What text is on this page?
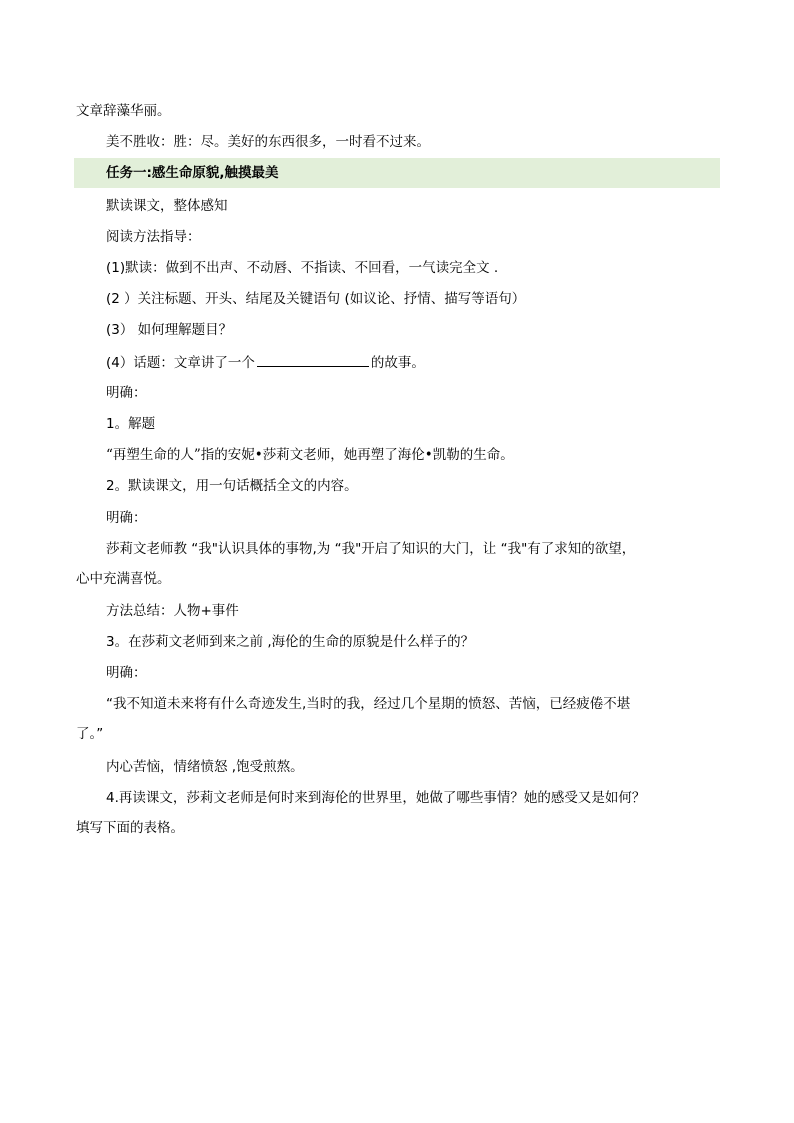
文章辞藻华丽。
美不胜收：胜：尽。美好的东西很多，一时看不过来。
任务一:感生命原貌,触摸最美
默读课文，整体感知
阅读方法指导：
(1)默读：做到不出声、不动唇、不指读、不回看，一气读完全文 .
(2 ）关注标题、开头、结尾及关键语句 (如议论、抒情、描写等语句）
(3） 如何理解题目？
(4）话题：文章讲了一个	的故事。
明确：
1。解题
“再塑生命的人”指的安妮•莎莉文老师，她再塑了海伦•凯勒的生命。
2。默读课文，用一句话概括全文的内容。
明确：
莎莉文老师教 “我"认识具体的事物,为 “我"开启了知识的大门，让 “我"有了求知的欲望，
心中充满喜悦。
方法总结：人物+事件
3。在莎莉文老师到来之前 ,海伦的生命的原貌是什么样子的？
明确：
“我不知道未来将有什么奇迹发生,当时的我，经过几个星期的愤怒、苦恼，已经疲倦不堪
了。”
内心苦恼，情绪愤怒 ,饱受煎熬。
4.再读课文，莎莉文老师是何时来到海伦的世界里，她做了哪些事情？她的感受又是如何？
填写下面的表格。
